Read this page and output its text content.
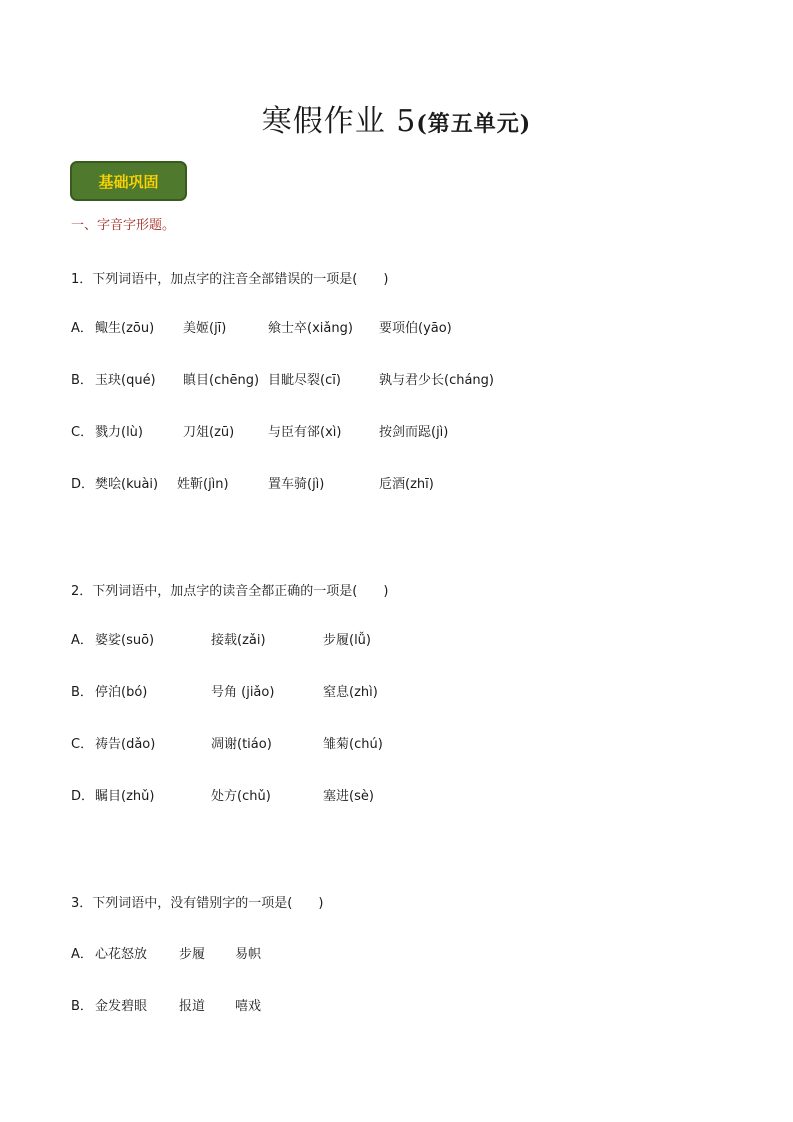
寒假作业 5(第五单元)
基础巩固
一、字音字形题。
1．下列词语中，加点字的注音全部错误的一项是(　　)
A． 鲰生(zōu) 美姬(jī)	飨士卒(xiǎng) 要项伯(yāo)
B． 玉玦(qué) 瞋目(chēng) 目眦尽裂(cī)	孰与君少长(cháng)
C． 戮力(lù)	刀俎(zū)	与臣有郤(xì)	按剑而跽(jì)
D． 樊哙(kuài) 姓靳(jìn)	置车骑(jì)	卮酒(zhī)
2．下列词语中，加点字的读音全都正确的一项是(　　)
A． 婆娑(suō)	接载(zǎi)	步履(lǚ)
B． 停泊(bó)	号角 (jiǎo)	窒息(zhì)
C． 祷告(dǎo)	凋谢(tiáo)	雏菊(chú)
D． 瞩目(zhǔ)	处方(chǔ)	塞进(sè)
3．下列词语中，没有错别字的一项是(　　)
A． 心花怒放 步履 易帜
B． 金发碧眼 报道 嘻戏
